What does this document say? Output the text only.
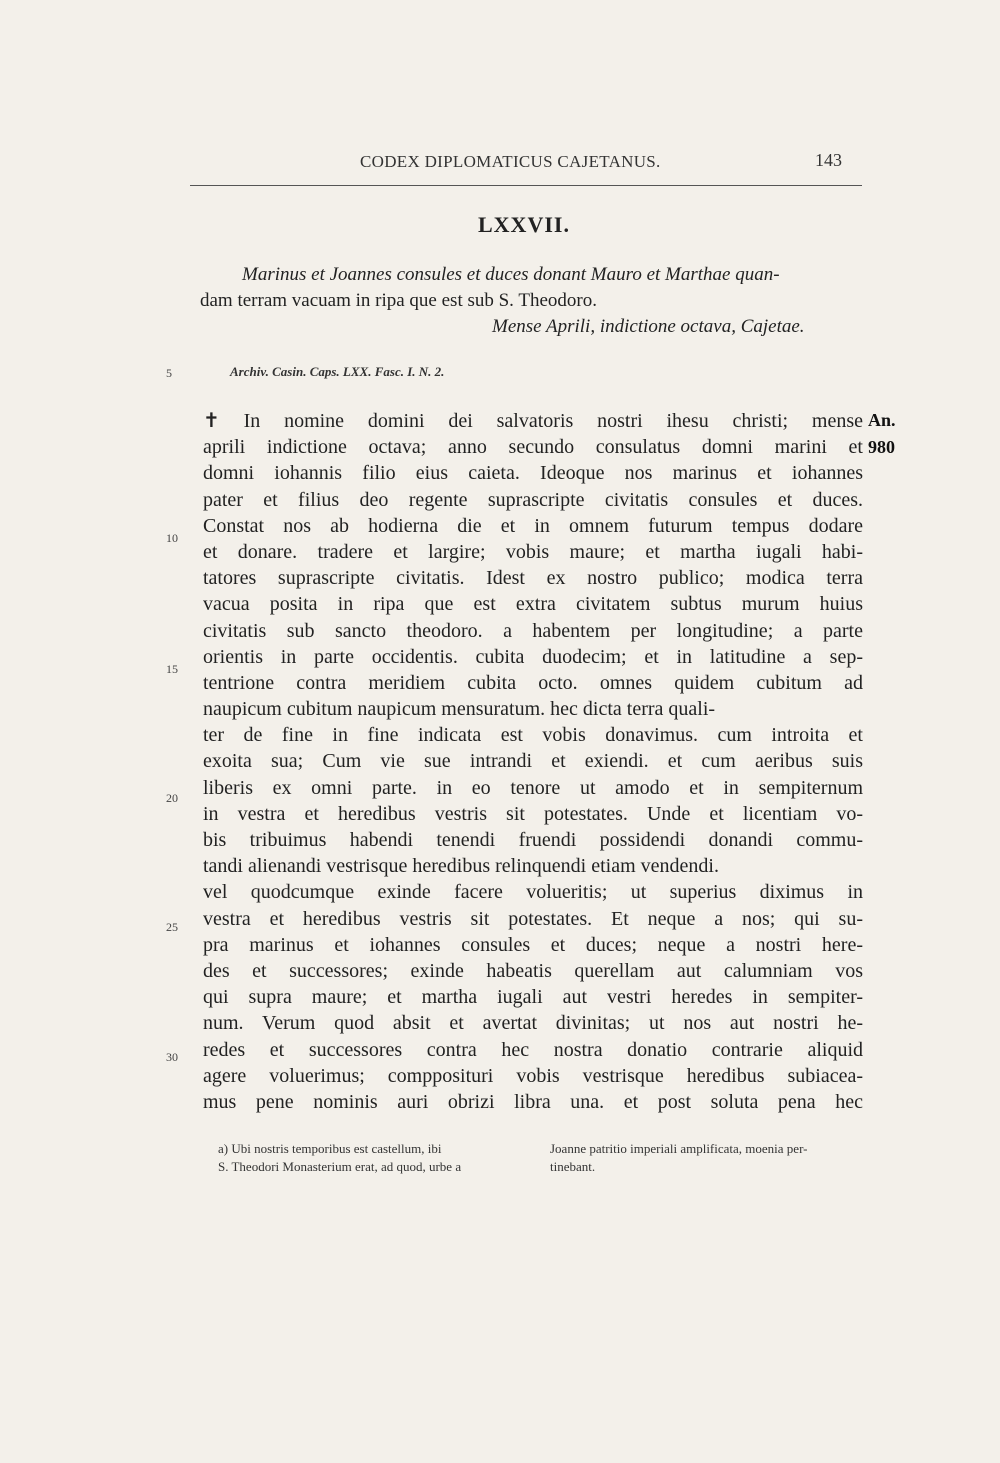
CODEX DIPLOMATICUS CAJETANUS.	143
LXXVII.
Marinus et Joannes consules et duces donant Mauro et Marthae quan-
dam terram vacuam in ripa que est sub S. Theodoro.
Mense Aprili, indictione octava, Cajetae.
Archiv. Casin. Caps. LXX. Fasc. I. N. 2.
5
10
15
20
25
30
An.
980
✝ In nomine domini dei salvatoris nostri ihesu christi; mense
aprili indictione octava; anno secundo consulatus domni marini et
domni iohannis filio eius caieta. Ideoque nos marinus et iohannes
pater et filius deo regente suprascripte civitatis consules et duces.
Constat nos ab hodierna die et in omnem futurum tempus dodare
et donare. tradere et largire; vobis maure; et martha iugali habi-
tatores suprascripte civitatis. Idest ex nostro publico; modica terra
vacua posita in ripa que est extra civitatem subtus murum huius
civitatis sub sancto theodoro. a habentem per longitudine; a parte
orientis in parte occidentis. cubita duodecim; et in latitudine a sep-
tentrione contra meridiem cubita octo. omnes quidem cubitum ad
naupicum cubitum naupicum mensuratum. hec dicta terra quali-
ter de fine in fine indicata est vobis donavimus. cum introita et
exoita sua; Cum vie sue intrandi et exiendi. et cum aeribus suis
liberis ex omni parte. in eo tenore ut amodo et in sempiternum
in vestra et heredibus vestris sit potestates. Unde et licentiam vo-
bis tribuimus habendi tenendi fruendi possidendi donandi commu-
tandi alienandi vestrisque heredibus relinquendi etiam vendendi.
vel quodcumque exinde facere volueritis; ut superius diximus in
vestra et heredibus vestris sit potestates. Et neque a nos; qui su-
pra marinus et iohannes consules et duces; neque a nostri here-
des et successores; exinde habeatis querellam aut calumniam vos
qui supra maure; et martha iugali aut vestri heredes in sempiter-
num. Verum quod absit et avertat divinitas; ut nos aut nostri he-
redes et successores contra hec nostra donatio contrarie aliquid
agere voluerimus; compposituri vobis vestrisque heredibus subiacea-
mus pene nominis auri obrizi libra una. et post soluta pena hec
a) Ubi nostris temporibus est castellum, ibi
S. Theodori Monasterium erat, ad quod, urbe a
Joanne patritio imperiali amplificata, moenia per-
tinebant.
